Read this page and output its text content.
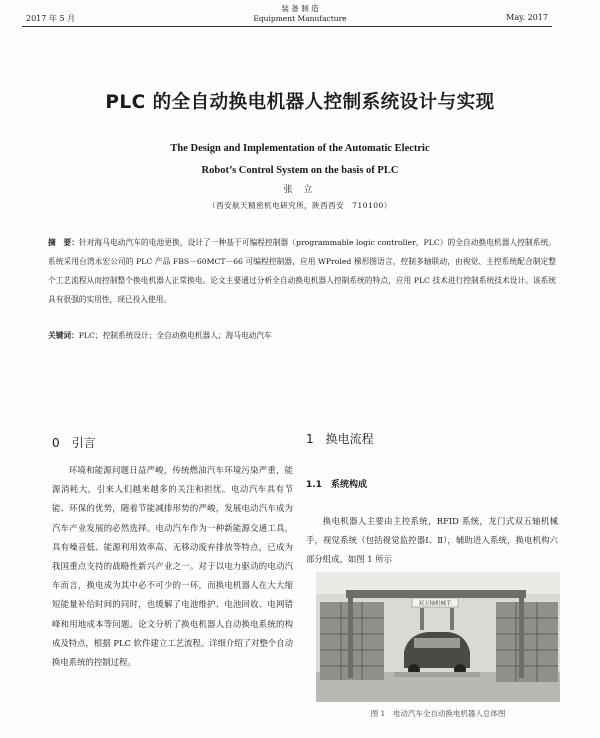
2017 年 5 月
装 备 制 造
Equipment Manufacture	May. 2017
PLC 的全自动换电机器人控制系统设计与实现
The Design and Implementation of the Automatic Electric
Robot’s Control System on the basis of PLC
张 立
（西安航天精密机电研究所，陕西西安　710100）
摘　要：针对海马电动汽车的电池更换，设计了一种基于可编程控制器（programmable logic controller，PLC）的全自动换电机器人控制系统。系统采用台湾永宏公司的 PLC 产品 FBS－60MCT－66 可编程控制器，应用 WProled 梯形图语言，控制多轴联动，由视觉、主控系统配合制定整个工艺流程从而控制整个换电机器人正常换电。论文主要通过分析全自动换电机器人控制系统的特点，应用 PLC 技术进行控制系统技术设计。该系统具有很强的实用性，现已投入使用。
关键词：PLC；控制系统设计；全自动换电机器人；海马电动汽车
0　引言

环境和能源问题日益严峻，传统燃油汽车环境污染严重，能源消耗大，引来人们越来越多的关注和担忧。电动汽车具有节能、环保的优势，随着节能减排形势的严峻，发展电动汽车成为汽车产业发展的必然选择。电动汽车作为一种新能源交通工具，具有噪音低、能源利用效率高、无移动废弃排放等特点，已成为我国重点支持的战略性新兴产业之一。对于以电力驱动的电动汽车而言，换电成为其中必不可少的一环，而换电机器人在大大缩短能量补给时间的同时，也缓解了电池维护、电池回收、电网错峰和用地成本等问题。论文分析了换电机器人自动换电系统的构成及特点，根据 PLC 软件建立工艺流程。详细介绍了对整个自动换电系统的控制过程。

1　换电流程
1.1　系统构成

换电机器人主要由主控系统，RFID 系统，龙门式双五轴机械手，视觉系统（包括视觉监控器Ⅰ、Ⅱ），辅助进入系统，换电机构六部分组成，如图 1 所示

双五轴机械手
图 1　电动汽车全自动换电机器人总体图
